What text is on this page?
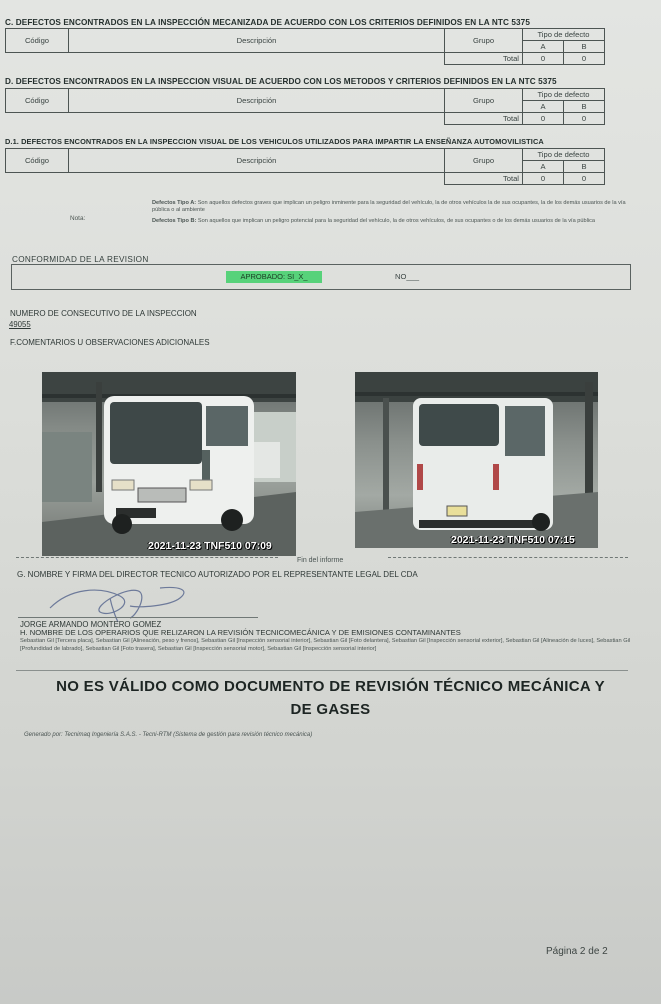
C. DEFECTOS ENCONTRADOS EN LA INSPECCIÓN MECANIZADA DE ACUERDO CON LOS CRITERIOS DEFINIDOS EN LA NTC 5375
Código	Descripción	Grupo	Tipo de defecto	
			A	B
		Total	0	0
D. DEFECTOS ENCONTRADOS EN LA INSPECCION VISUAL DE ACUERDO CON LOS METODOS Y CRITERIOS DEFINIDOS EN LA NTC 5375
Código	Descripción	Grupo	Tipo de defecto	
			A	B
		Total	0	0
D.1. DEFECTOS ENCONTRADOS EN LA INSPECCION VISUAL DE LOS VEHICULOS UTILIZADOS PARA IMPARTIR LA ENSEÑANZA AUTOMOVILISTICA
Código	Descripción	Grupo	Tipo de defecto	
			A	B
		Total	0	0
Nota:
Defectos Tipo A: Son aquellos defectos graves que implican un peligro inminente para la seguridad del vehículo, la de otros vehículos la de sus ocupantes, la de los demás usuarios de la vía pública o al ambiente
Defectos Tipo B: Son aquellos que implican un peligro potencial para la seguridad del vehículo, la de otros vehículos, de sus ocupantes o de los demás usuarios de la vía pública
CONFORMIDAD DE LA REVISION
APROBADO: SI_X_	NO___
NUMERO DE CONSECUTIVO DE LA INSPECCION
49055
F.COMENTARIOS U OBSERVACIONES ADICIONALES
2021-11-23 TNF510 07:09	2021-11-23 TNF510 07:15
Fin del informe
G. NOMBRE Y FIRMA DEL DIRECTOR TECNICO AUTORIZADO POR EL REPRESENTANTE LEGAL DEL CDA
JORGE ARMANDO MONTERO GOMEZ
H. NOMBRE DE LOS OPERARIOS QUE RELIZARON LA REVISIÓN TECNICOMECÁNICA Y DE EMISIONES CONTAMINANTES
Sebastian Gil [Tercera placa], Sebastian Gil [Alineación, peso y frenos], Sebastian Gil [Inspección sensorial interior], Sebastian Gil [Foto delantera], Sebastian Gil [Inspección sensorial exterior], Sebastian Gil [Alineación de luces], Sebastian Gil [Profundidad de labrado], Sebastian Gil [Foto trasera], Sebastian Gil [Inspección sensorial motor], Sebastian Gil [Inspección sensorial interior]
NO ES VÁLIDO COMO DOCUMENTO DE REVISIÓN TÉCNICO MECÁNICA Y
DE GASES
Generado por: Tecnimaq Ingeniería S.A.S. - Tecni-RTM (Sistema de gestión para revisión técnico mecánica)
Página 2 de 2
